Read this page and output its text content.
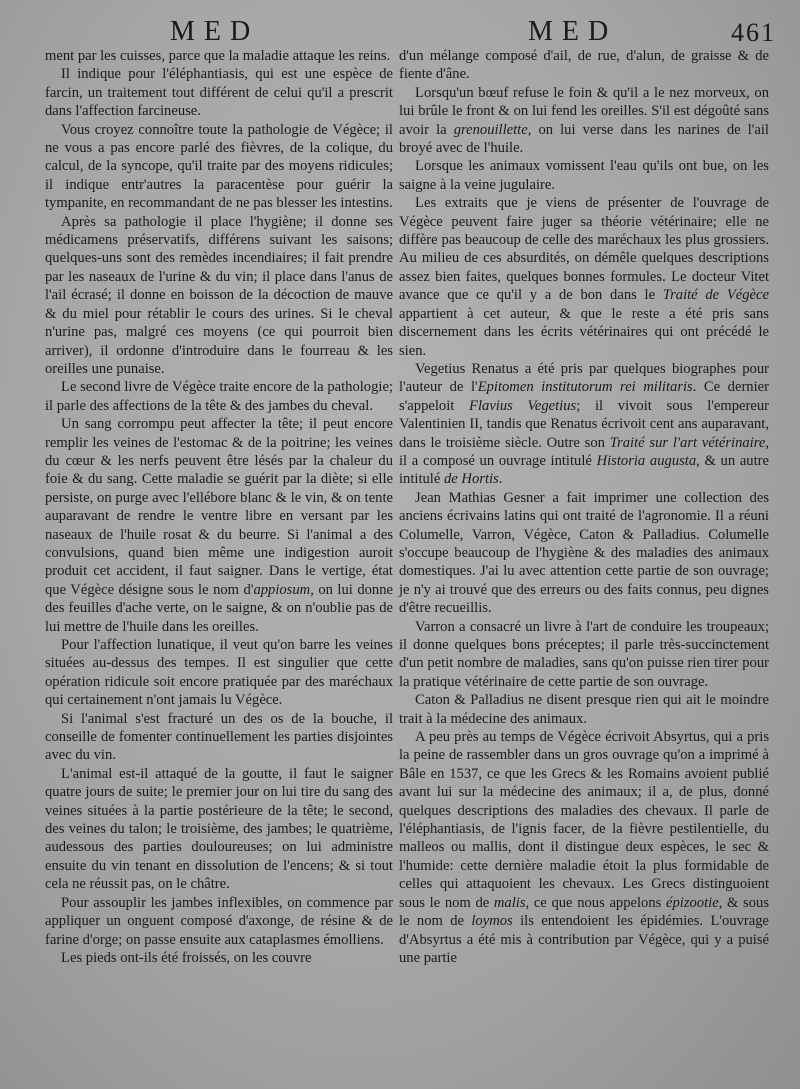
MED	MED	461

ment par les cuisses, parce que la maladie attaque les reins.

Il indique pour l'éléphantiasis, qui est une espèce de farcin, un traitement tout différent de celui qu'il a prescrit dans l'affection farcineuse.

Vous croyez connoître toute la pathologie de Végèce; il ne vous a pas encore parlé des fièvres, de la colique, du calcul, de la syncope, qu'il traite par des moyens ridicules; il indique entr'autres la paracentèse pour guérir la tympanite, en recommandant de ne pas blesser les intestins.

Après sa pathologie il place l'hygiène; il donne ses médicamens préservatifs, différens suivant les saisons; quelques-uns sont des remèdes incendiaires; il fait prendre par les naseaux de l'urine & du vin; il place dans l'anus de l'ail écrasé; il donne en boisson de la décoction de mauve & du miel pour rétablir le cours des urines. Si le cheval n'urine pas, malgré ces moyens (ce qui pourroit bien arriver), il ordonne d'introduire dans le fourreau & les oreilles une punaise.

Le second livre de Végèce traite encore de la pathologie; il parle des affections de la tête & des jambes du cheval.

Un sang corrompu peut affecter la tête; il peut encore remplir les veines de l'estomac & de la poitrine; les veines du cœur & les nerfs peuvent être lésés par la chaleur du foie & du sang. Cette maladie se guérit par la diète; si elle persiste, on purge avec l'ellébore blanc & le vin, & on tente auparavant de rendre le ventre libre en versant par les naseaux de l'huile rosat & du beurre. Si l'animal a des convulsions, quand bien même une indigestion auroit produit cet accident, il faut saigner. Dans le vertige, état que Végèce désigne sous le nom d'appiosum, on lui donne des feuilles d'ache verte, on le saigne, & on n'oublie pas de lui mettre de l'huile dans les oreilles.

Pour l'affection lunatique, il veut qu'on barre les veines situées au-dessus des tempes. Il est singulier que cette opération ridicule soit encore pratiquée par des maréchaux qui certainement n'ont jamais lu Végèce.

Si l'animal s'est fracturé un des os de la bouche, il conseille de fomenter continuellement les parties disjointes avec du vin.

L'animal est-il attaqué de la goutte, il faut le saigner quatre jours de suite; le premier jour on lui tire du sang des veines situées à la partie postérieure de la tête; le second, des veines du talon; le troisième, des jambes; le quatrième, audessous des parties douloureuses; on lui administre ensuite du vin tenant en dissolution de l'encens; & si tout cela ne réussit pas, on le châtre.

Pour assouplir les jambes inflexibles, on commence par appliquer un onguent composé d'axonge, de résine & de farine d'orge; on passe ensuite aux cataplasmes émolliens.

Les pieds ont-ils été froissés, on les couvre

d'un mélange composé d'ail, de rue, d'alun, de graisse & de fiente d'âne.

Lorsqu'un bœuf refuse le foin & qu'il a le nez morveux, on lui brûle le front & on lui fend les oreilles. S'il est dégoûté sans avoir la grenouillette, on lui verse dans les narines de l'ail broyé avec de l'huile.

Lorsque les animaux vomissent l'eau qu'ils ont bue, on les saigne à la veine jugulaire.

Les extraits que je viens de présenter de l'ouvrage de Végèce peuvent faire juger sa théorie vétérinaire; elle ne diffère pas beaucoup de celle des maréchaux les plus grossiers. Au milieu de ces absurdités, on démêle quelques descriptions assez bien faites, quelques bonnes formules. Le docteur Vitet avance que ce qu'il y a de bon dans le Traité de Végèce appartient à cet auteur, & que le reste a été pris sans discernement dans les écrits vétérinaires qui ont précédé le sien.

Vegetius Renatus a été pris par quelques biographes pour l'auteur de l'Epitomen institutorum rei militaris. Ce dernier s'appeloit Flavius Vegetius; il vivoit sous l'empereur Valentinien II, tandis que Renatus écrivoit cent ans auparavant, dans le troisième siècle. Outre son Traité sur l'art vétérinaire, il a composé un ouvrage intitulé Historia augusta, & un autre intitulé de Hortis.

Jean Mathias Gesner a fait imprimer une collection des anciens écrivains latins qui ont traité de l'agronomie. Il a réuni Columelle, Varron, Végèce, Caton & Palladius. Columelle s'occupe beaucoup de l'hygiène & des maladies des animaux domestiques. J'ai lu avec attention cette partie de son ouvrage; je n'y ai trouvé que des erreurs ou des faits connus, peu dignes d'être recueillis.

Varron a consacré un livre à l'art de conduire les troupeaux; il donne quelques bons préceptes; il parle très-succinctement d'un petit nombre de maladies, sans qu'on puisse rien tirer pour la pratique vétérinaire de cette partie de son ouvrage.

Caton & Palladius ne disent presque rien qui ait le moindre trait à la médecine des animaux.

A peu près au temps de Végèce écrivoit Absyrtus, qui a pris la peine de rassembler dans un gros ouvrage qu'on a imprimé à Bâle en 1537, ce que les Grecs & les Romains avoient publié avant lui sur la médecine des animaux; il a, de plus, donné quelques descriptions des maladies des chevaux. Il parle de l'éléphantiasis, de l'ignis facer, de la fièvre pestilentielle, du malleos ou mallis, dont il distingue deux espèces, le sec & l'humide: cette dernière maladie étoit la plus formidable de celles qui attaquoient les chevaux. Les Grecs distinguoient sous le nom de malis, ce que nous appelons épizootie, & sous le nom de loymos ils entendoient les épidémies. L'ouvrage d'Absyrtus a été mis à contribution par Végèce, qui y a puisé une partie
